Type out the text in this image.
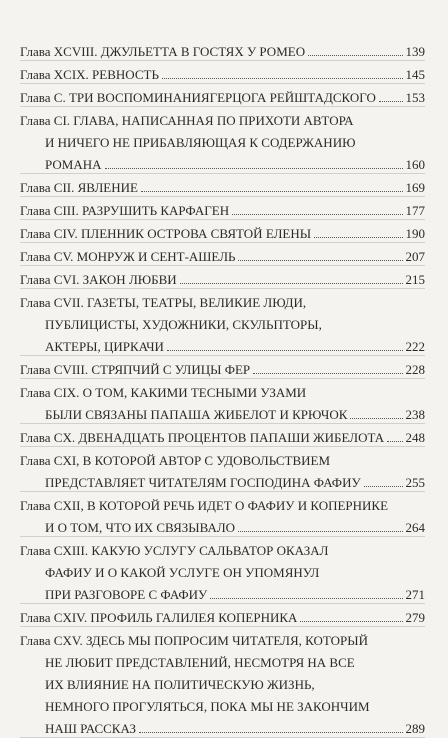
Глава XCVIII. ДЖУЛЬЕТТА В ГОСТЯХ У РОМЕО	139
Глава XCIX. РЕВНОСТЬ	145
Глава С. ТРИ ВОСПОМИНАНИЯГЕРЦОГА РЕЙШТАДСКОГО 153
Глава CI. ГЛАВА, НАПИСАННАЯ ПО ПРИХОТИ АВТОРА
И НИЧЕГО НЕ ПРИБАВЛЯЮЩАЯ К СОДЕРЖАНИЮ
РОМАНА	160
Глава CII. ЯВЛЕНИЕ	169
Глава CIII. РАЗРУШИТЬ КАРФАГЕН	177
Глава CIV. ПЛЕННИК ОСТРОВА СВЯТОЙ ЕЛЕНЫ	190
Глава CV. МОНРУЖ И СЕНТ-АШЕЛЬ	207
Глава CVI. ЗАКОН ЛЮБВИ	215
Глава CVII. ГАЗЕТЫ, ТЕАТРЫ, ВЕЛИКИЕ ЛЮДИ,
ПУБЛИЦИСТЫ, ХУДОЖНИКИ, СКУЛЬПТОРЫ,
АКТЕРЫ, ЦИРКАЧИ	222
Глава CVIII. СТРЯПЧИЙ С УЛИЦЫ ФЕР	228
Глава CIX. О ТОМ, КАКИМИ ТЕСНЫМИ УЗАМИ
БЫЛИ СВЯЗАНЫ ПАПАША ЖИБЕЛОТ И КРЮЧОК	238
Глава CX. ДВЕНАДЦАТЬ ПРОЦЕНТОВ ПАПАШИ ЖИБЕЛОТА 248
Глава CXI, В КОТОРОЙ АВТОР С УДОВОЛЬСТВИЕМ
ПРЕДСТАВЛЯЕТ ЧИТАТЕЛЯМ ГОСПОДИНА ФАФИУ	255
Глава CXII, В КОТОРОЙ РЕЧЬ ИДЕТ О ФАФИУ И КОПЕРНИКЕ
И О ТОМ, ЧТО ИХ СВЯЗЫВАЛО	264
Глава CXIII. КАКУЮ УСЛУГУ САЛЬВАТОР ОКАЗАЛ
ФАФИУ И О КАКОЙ УСЛУГЕ ОН УПОМЯНУЛ
ПРИ РАЗГОВОРЕ С ФАФИУ	271
Глава CXIV. ПРОФИЛЬ ГАЛИЛЕЯ КОПЕРНИКА	279
Глава CXV. ЗДЕСЬ МЫ ПОПРОСИМ ЧИТАТЕЛЯ, КОТОРЫЙ
НЕ ЛЮБИТ ПРЕДСТАВЛЕНИЙ, НЕСМОТРЯ НА ВСЕ
ИХ ВЛИЯНИЕ НА ПОЛИТИЧЕСКУЮ ЖИЗНЬ,
НЕМНОГО ПРОГУЛЯТЬСЯ, ПОКА МЫ НЕ ЗАКОНЧИМ
НАШ РАССКАЗ	289
